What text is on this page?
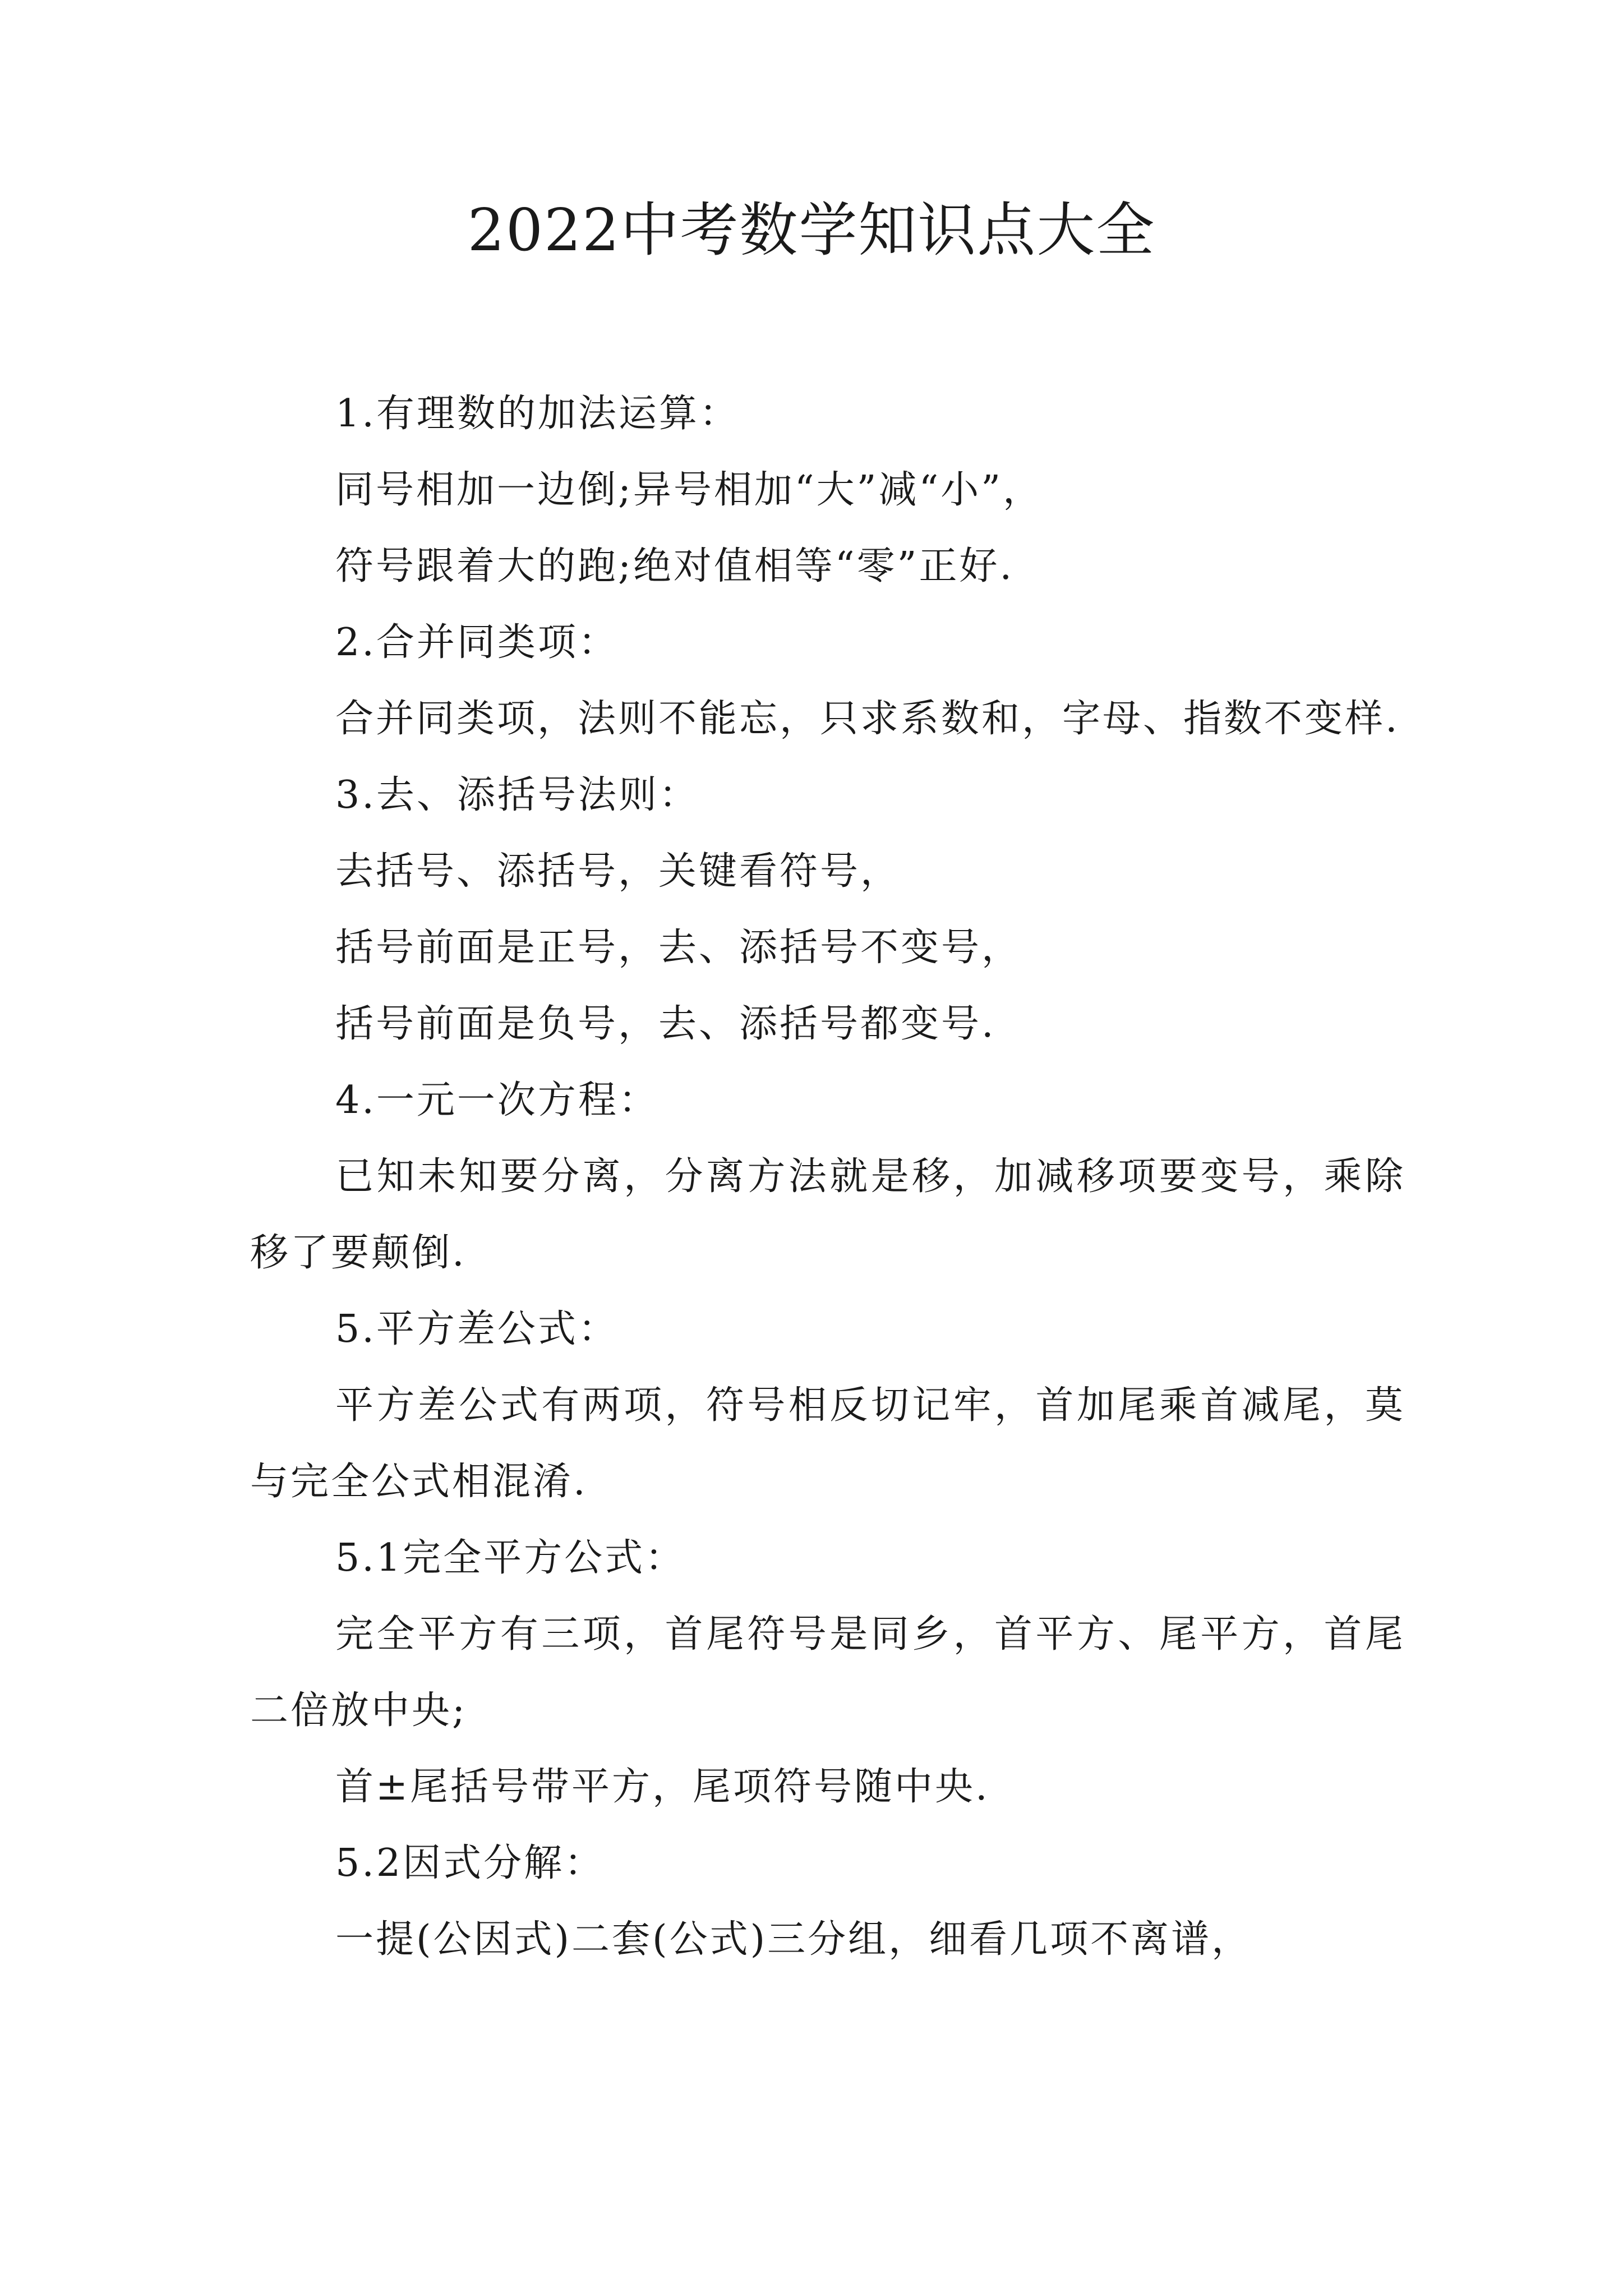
2022中考数学知识点大全

1.有理数的加法运算：

同号相加一边倒;异号相加“大”减“小”，

符号跟着大的跑;绝对值相等“零”正好.

2.合并同类项：

合并同类项，法则不能忘，只求系数和，字母、指数不变样.

3.去、添括号法则：

去括号、添括号，关键看符号，

括号前面是正号，去、添括号不变号，

括号前面是负号，去、添括号都变号.

4.一元一次方程：

已知未知要分离，分离方法就是移，加减移项要变号，乘除移了要颠倒.

5.平方差公式：

平方差公式有两项，符号相反切记牢，首加尾乘首减尾，莫与完全公式相混淆.

5.1完全平方公式：

完全平方有三项，首尾符号是同乡，首平方、尾平方，首尾二倍放中央;

首±尾括号带平方，尾项符号随中央.

5.2因式分解：

一提(公因式)二套(公式)三分组，细看几项不离谱，
